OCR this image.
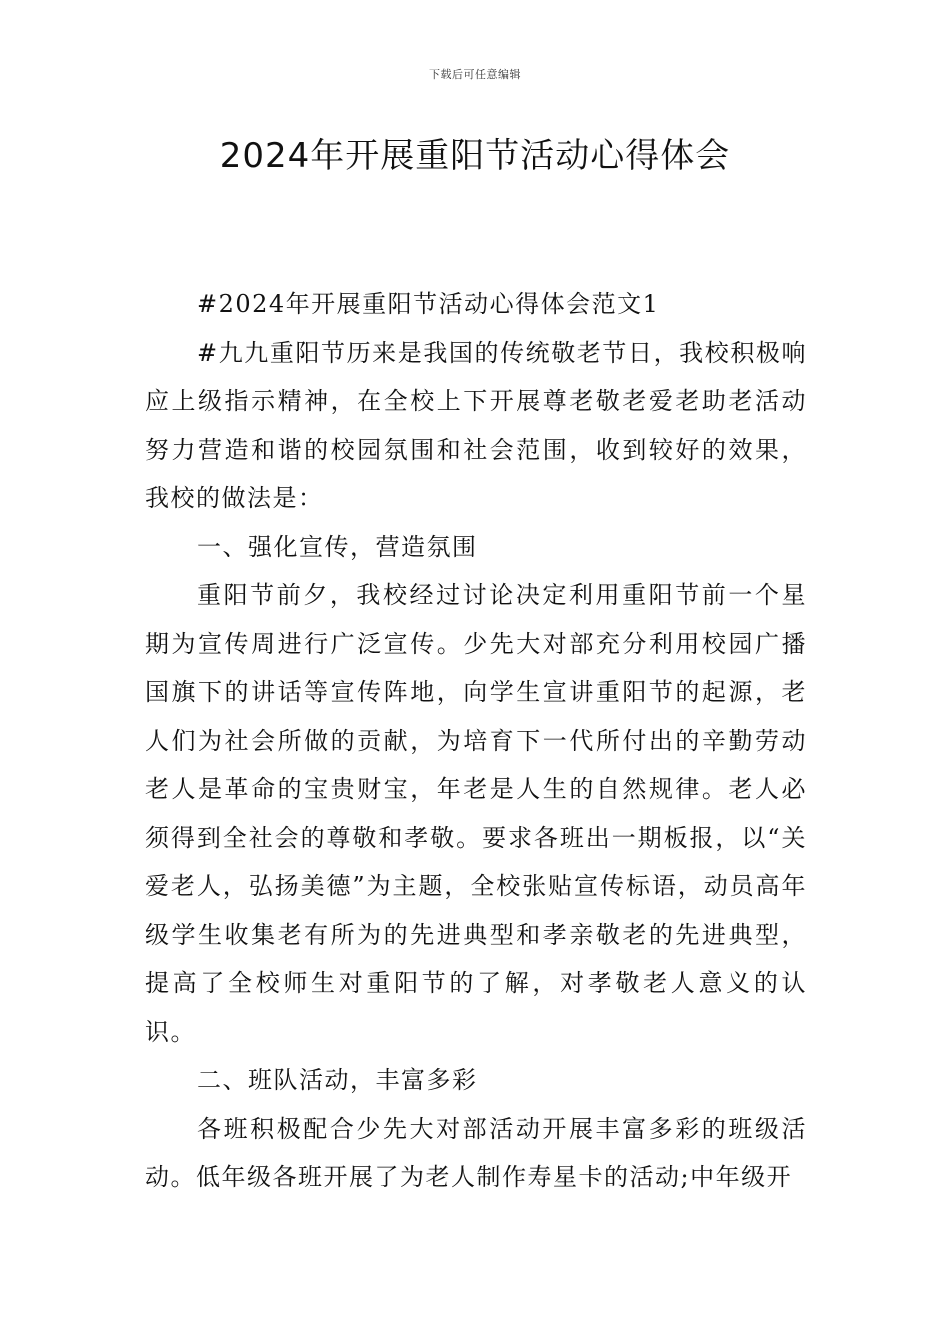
下载后可任意编辑
2024年开展重阳节活动心得体会

#2024年开展重阳节活动心得体会范文1

#九九重阳节历来是我国的传统敬老节日，我校积极响应上级指示精神，在全校上下开展尊老敬老爱老助老活动努力营造和谐的校园氛围和社会范围，收到较好的效果，我校的做法是：

一、强化宣传，营造氛围

重阳节前夕，我校经过讨论决定利用重阳节前一个星期为宣传周进行广泛宣传。少先大对部充分利用校园广播国旗下的讲话等宣传阵地，向学生宣讲重阳节的起源，老人们为社会所做的贡献，为培育下一代所付出的辛勤劳动老人是革命的宝贵财宝，年老是人生的自然规律。老人必须得到全社会的尊敬和孝敬。要求各班出一期板报，以“关爱老人，弘扬美德”为主题，全校张贴宣传标语，动员高年级学生收集老有所为的先进典型和孝亲敬老的先进典型，提高了全校师生对重阳节的了解，对孝敬老人意义的认识。

二、班队活动，丰富多彩

各班积极配合少先大对部活动开展丰富多彩的班级活动。低年级各班开展了为老人制作寿星卡的活动;中年级开
